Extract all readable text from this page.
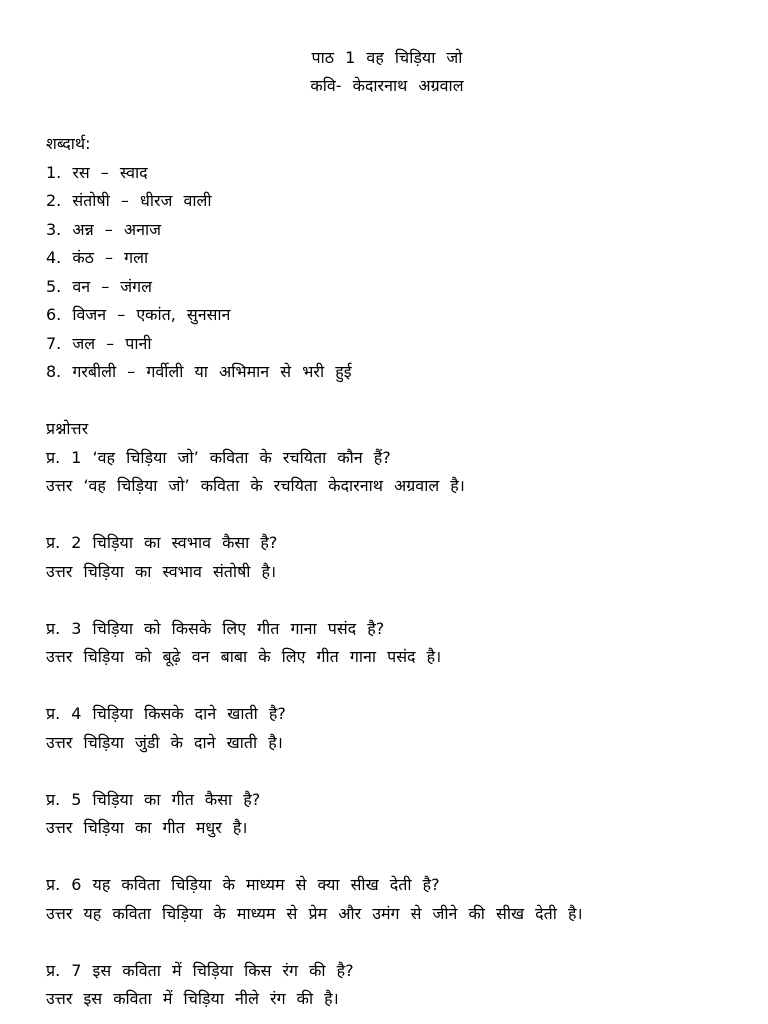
पाठ 1 वह चिड़िया जो
कवि- केदारनाथ अग्रवाल
शब्दार्थ:
1. रस – स्वाद
2. संतोषी – धीरज वाली
3. अन्न – अनाज
4. कंठ – गला
5. वन – जंगल
6. विजन – एकांत, सुनसान
7. जल – पानी
8. गरबीली – गर्वीली या अभिमान से भरी हुई
प्रश्नोत्तर
प्र. 1 ‘वह चिड़िया जो’ कविता के रचयिता कौन हैं?
उत्तर ‘वह चिड़िया जो’ कविता के रचयिता केदारनाथ अग्रवाल है।
प्र. 2 चिड़िया का स्वभाव कैसा है?
उत्तर चिड़िया का स्वभाव संतोषी है।
प्र. 3 चिड़िया को किसके लिए गीत गाना पसंद है?
उत्तर चिड़िया को बूढ़े वन बाबा के लिए गीत गाना पसंद है।
प्र. 4 चिड़िया किसके दाने खाती है?
उत्तर चिड़िया जुंडी के दाने खाती है।
प्र. 5 चिड़िया का गीत कैसा है?
उत्तर चिड़िया का गीत मधुर है।
प्र. 6 यह कविता चिड़िया के माध्यम से क्या सीख देती है?
उत्तर यह कविता चिड़िया के माध्यम से प्रेम और उमंग से जीने की सीख देती है।
प्र. 7 इस कविता में चिड़िया किस रंग की है?
उत्तर इस कविता में चिड़िया नीले रंग की है।
